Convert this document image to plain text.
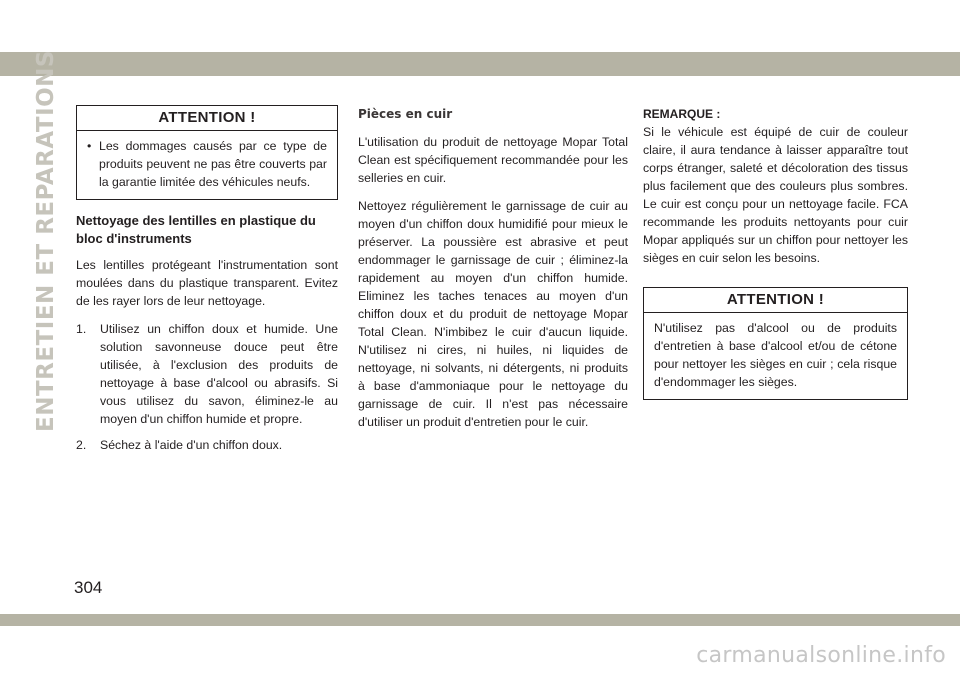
ENTRETIEN ET REPARATIONS	ATTENTION !
• Les dommages causés par ce type de produits peuvent ne pas être couverts par la garantie limitée des véhicules neufs.
Nettoyage des lentilles en plastique du bloc d'instruments

Les lentilles protégeant l'instrumentation sont moulées dans du plastique transparent. Evitez de les rayer lors de leur nettoyage.

1.	Utilisez un chiffon doux et humide. Une solution savonneuse douce peut être utilisée, à l'exclusion des produits de nettoyage à base d'alcool ou abrasifs. Si vous utilisez du savon, éliminez-le au moyen d'un chiffon humide et propre.
2.	Séchez à l'aide d'un chiffon doux.
Pièces en cuir

L'utilisation du produit de nettoyage Mopar Total Clean est spécifiquement recommandée pour les selleries en cuir.

Nettoyez régulièrement le garnissage de cuir au moyen d'un chiffon doux humidifié pour mieux le préserver. La poussière est abrasive et peut endommager le garnissage de cuir ; éliminez-la rapidement au moyen d'un chiffon humide. Eliminez les taches tenaces au moyen d'un chiffon doux et du produit de nettoyage Mopar Total Clean. N'imbibez le cuir d'aucun liquide. N'utilisez ni cires, ni huiles, ni liquides de nettoyage, ni solvants, ni détergents, ni produits à base d'ammoniaque pour le nettoyage du garnissage de cuir. Il n'est pas nécessaire d'utiliser un produit d'entretien pour le cuir.

REMARQUE :

Si le véhicule est équipé de cuir de couleur claire, il aura tendance à laisser apparaître tout corps étranger, saleté et décoloration des tissus plus facilement que des couleurs plus sombres. Le cuir est conçu pour un nettoyage facile. FCA recommande les produits nettoyants pour cuir Mopar appliqués sur un chiffon pour nettoyer les sièges en cuir selon les besoins.

ATTENTION !

N'utilisez pas d'alcool ou de produits d'entretien à base d'alcool et/ou de cétone pour nettoyer les sièges en cuir ; cela risque d'endommager les sièges.

304
carmanualsonline.info
